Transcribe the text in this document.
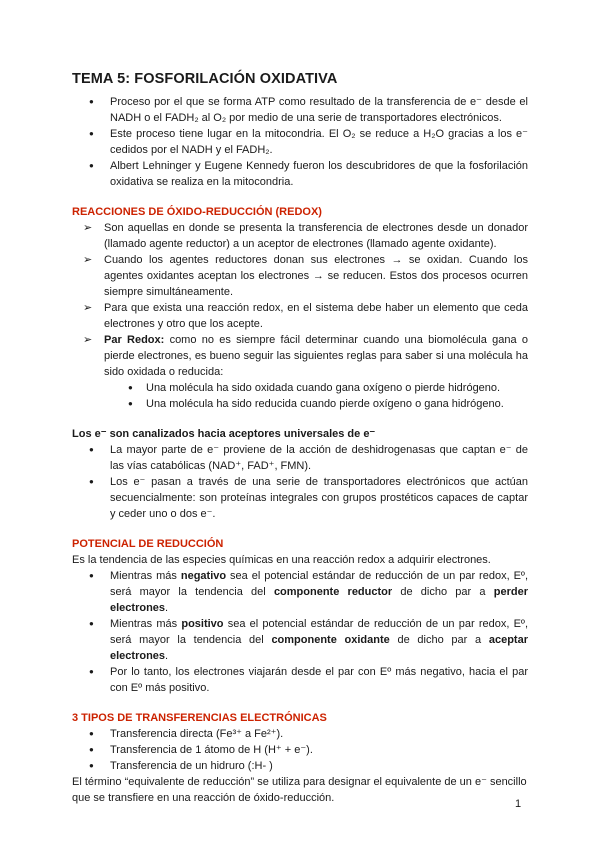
TEMA 5: FOSFORILACIÓN OXIDATIVA
● Proceso por el que se forma ATP como resultado de la transferencia de e⁻ desde el NADH o el FADH₂ al O₂ por medio de una serie de transportadores electrónicos.
● Este proceso tiene lugar en la mitocondria. El O₂ se reduce a H₂O gracias a los e⁻ cedidos por el NADH y el FADH₂.
● Albert Lehninger y Eugene Kennedy fueron los descubridores de que la fosforilación oxidativa se realiza en la mitocondria.
REACCIONES DE ÓXIDO-REDUCCIÓN (REDOX)
➢ Son aquellas en donde se presenta la transferencia de electrones desde un donador (llamado agente reductor) a un aceptor de electrones (llamado agente oxidante).
➢ Cuando los agentes reductores donan sus electrones → se oxidan. Cuando los agentes oxidantes aceptan los electrones → se reducen. Estos dos procesos ocurren siempre simultáneamente.
➢ Para que exista una reacción redox, en el sistema debe haber un elemento que ceda electrones y otro que los acepte.
➢ Par Redox: como no es siempre fácil determinar cuando una biomolécula gana o pierde electrones, es bueno seguir las siguientes reglas para saber si una molécula ha sido oxidada o reducida:
● Una molécula ha sido oxidada cuando gana oxígeno o pierde hidrógeno.
● Una molécula ha sido reducida cuando pierde oxígeno o gana hidrógeno.

Los e⁻ son canalizados hacia aceptores universales de e⁻

● La mayor parte de e⁻ proviene de la acción de deshidrogenasas que captan e⁻ de las vías catabólicas (NAD⁺, FAD⁺, FMN).
● Los e⁻ pasan a través de una serie de transportadores electrónicos que actúan secuencialmente: son proteínas integrales con grupos prostéticos capaces de captar y ceder uno o dos e⁻.
POTENCIAL DE REDUCCIÓN

Es la tendencia de las especies químicas en una reacción redox a adquirir electrones.

● Mientras más negativo sea el potencial estándar de reducción de un par redox, Eº, será mayor la tendencia del componente reductor de dicho par a perder electrones.
● Mientras más positivo sea el potencial estándar de reducción de un par redox, Eº, será mayor la tendencia del componente oxidante de dicho par a aceptar electrones.
● Por lo tanto, los electrones viajarán desde el par con Eº más negativo, hacia el par con Eº más positivo.
3 TIPOS DE TRANSFERENCIAS ELECTRÓNICAS
● Transferencia directa (Fe³⁺ a Fe²⁺).
● Transferencia de 1 átomo de H (H⁺ + e⁻).
● Transferencia de un hidruro (:H- )

El término “equivalente de reducción” se utiliza para designar el equivalente de un e⁻ sencillo que se transfiere en una reacción de óxido-reducción.	1
